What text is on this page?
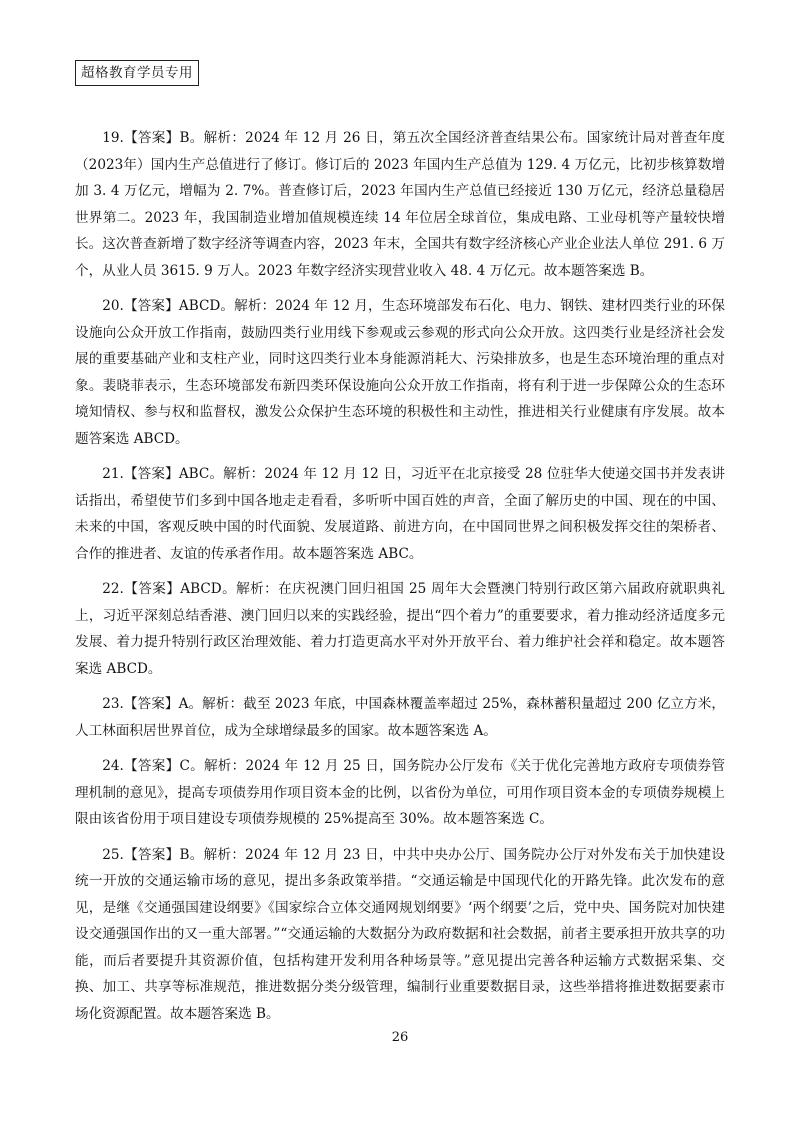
超格教育学员专用

19.【答案】B。解析：2024 年 12 月 26 日，第五次全国经济普查结果公布。国家统计局对普查年度（2023年）国内生产总值进行了修订。修订后的 2023 年国内生产总值为 129. 4 万亿元，比初步核算数增加 3. 4 万亿元，增幅为 2. 7%。普查修订后，2023 年国内生产总值已经接近 130 万亿元，经济总量稳居世界第二。2023 年，我国制造业增加值规模连续 14 年位居全球首位，集成电路、工业母机等产量较快增长。这次普查新增了数字经济等调查内容，2023 年末，全国共有数字经济核心产业企业法人单位 291. 6 万个，从业人员 3615. 9 万人。2023 年数字经济实现营业收入 48. 4 万亿元。故本题答案选 B。

20.【答案】ABCD。解析：2024 年 12 月，生态环境部发布石化、电力、钢铁、建材四类行业的环保设施向公众开放工作指南，鼓励四类行业用线下参观或云参观的形式向公众开放。这四类行业是经济社会发展的重要基础产业和支柱产业，同时这四类行业本身能源消耗大、污染排放多，也是生态环境治理的重点对象。裴晓菲表示，生态环境部发布新四类环保设施向公众开放工作指南，将有利于进一步保障公众的生态环境知情权、参与权和监督权，激发公众保护生态环境的积极性和主动性，推进相关行业健康有序发展。故本题答案选 ABCD。

21.【答案】ABC。解析：2024 年 12 月 12 日，习近平在北京接受 28 位驻华大使递交国书并发表讲话指出，希望使节们多到中国各地走走看看，多听听中国百姓的声音，全面了解历史的中国、现在的中国、未来的中国，客观反映中国的时代面貌、发展道路、前进方向，在中国同世界之间积极发挥交往的架桥者、合作的推进者、友谊的传承者作用。故本题答案选 ABC。

22.【答案】ABCD。解析：在庆祝澳门回归祖国 25 周年大会暨澳门特别行政区第六届政府就职典礼上，习近平深刻总结香港、澳门回归以来的实践经验，提出“四个着力”的重要要求，着力推动经济适度多元发展、着力提升特别行政区治理效能、着力打造更高水平对外开放平台、着力维护社会祥和稳定。故本题答案选 ABCD。

23.【答案】A。解析：截至 2023 年底，中国森林覆盖率超过 25%，森林蓄积量超过 200 亿立方米，人工林面积居世界首位，成为全球增绿最多的国家。故本题答案选 A。

24.【答案】C。解析：2024 年 12 月 25 日，国务院办公厅发布《关于优化完善地方政府专项债券管理机制的意见》，提高专项债券用作项目资本金的比例，以省份为单位，可用作项目资本金的专项债券规模上限由该省份用于项目建设专项债券规模的 25%提高至 30%。故本题答案选 C。

25.【答案】B。解析：2024 年 12 月 23 日，中共中央办公厅、国务院办公厅对外发布关于加快建设统一开放的交通运输市场的意见，提出多条政策举措。“交通运输是中国现代化的开路先锋。此次发布的意见，是继《交通强国建设纲要》《国家综合立体交通网规划纲要》‘两个纲要’之后，党中央、国务院对加快建设交通强国作出的又一重大部署。”“交通运输的大数据分为政府数据和社会数据，前者主要承担开放共享的功能，而后者要提升其资源价值，包括构建开发利用各种场景等。”意见提出完善各种运输方式数据采集、交换、加工、共享等标准规范，推进数据分类分级管理，编制行业重要数据目录，这些举措将推进数据要素市场化资源配置。故本题答案选 B。

26
